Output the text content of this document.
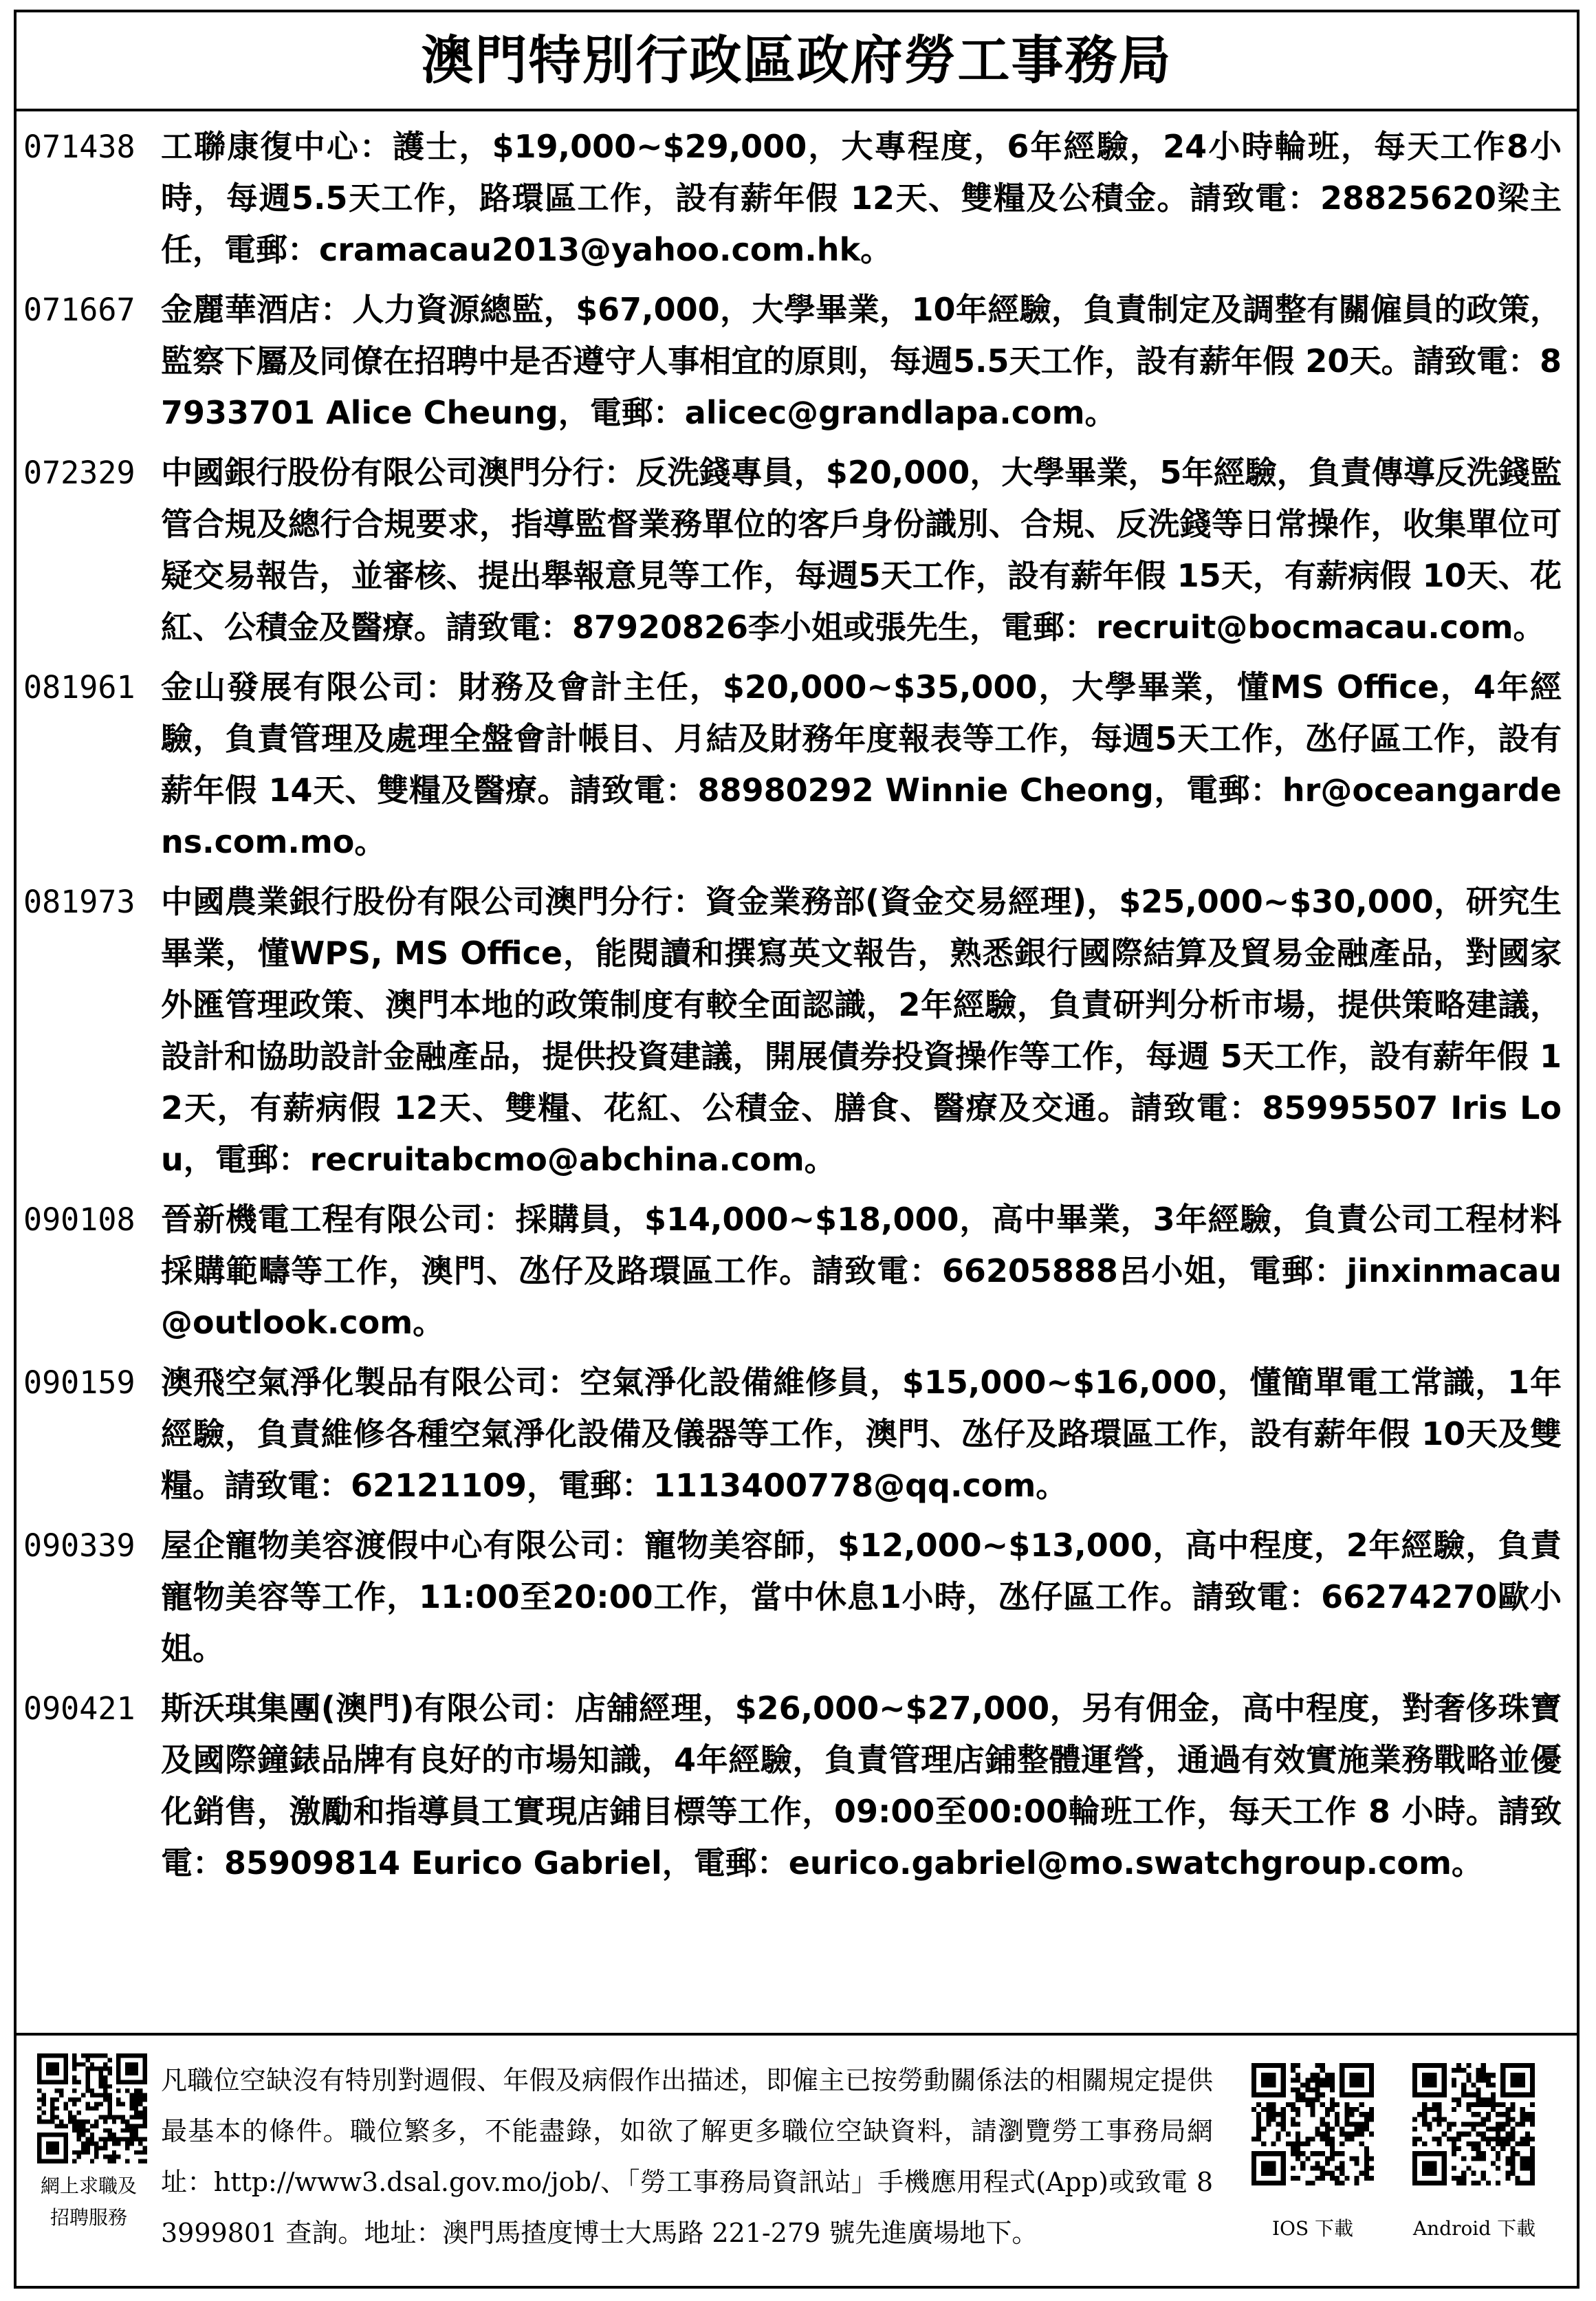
澳門特別行政區政府勞工事務局
071438 工聯康復中心：護士，$19,000~$29,000，大專程度，6年經驗，24小時輪班，每天工作8小時，每週5.5天工作，路環區工作，設有薪年假 12天、雙糧及公積金。請致電：28825620梁主任，電郵：cramacau2013@yahoo.com.hk。
071667 金麗華酒店：人力資源總監，$67,000，大學畢業，10年經驗，負責制定及調整有關僱員的政策，監察下屬及同僚在招聘中是否遵守人事相宜的原則，每週5.5天工作，設有薪年假 20天。請致電：87933701 Alice Cheung，電郵：alicec@grandlapa.com。
072329 中國銀行股份有限公司澳門分行：反洗錢專員，$20,000，大學畢業，5年經驗，負責傳導反洗錢監管合規及總行合規要求，指導監督業務單位的客戶身份識別、合規、反洗錢等日常操作，收集單位可疑交易報告，並審核、提出舉報意見等工作，每週5天工作，設有薪年假 15天，有薪病假 10天、花紅、公積金及醫療。請致電：87920826李小姐或張先生，電郵：recruit@bocmacau.com。
081961 金山發展有限公司：財務及會計主任，$20,000~$35,000，大學畢業，懂MS Office，4年經驗，負責管理及處理全盤會計帳目、月結及財務年度報表等工作，每週5天工作，氹仔區工作，設有薪年假 14天、雙糧及醫療。請致電：88980292 Winnie Cheong，電郵：hr@oceangardens.com.mo。
081973 中國農業銀行股份有限公司澳門分行：資金業務部(資金交易經理)，$25,000~$30,000，研究生畢業，懂WPS, MS Office，能閱讀和撰寫英文報告，熟悉銀行國際結算及貿易金融產品，對國家外匯管理政策、澳門本地的政策制度有較全面認識，2年經驗，負責研判分析市場，提供策略建議，設計和協助設計金融產品，提供投資建議，開展債券投資操作等工作，每週 5天工作，設有薪年假 12天，有薪病假 12天、雙糧、花紅、公積金、膳食、醫療及交通。請致電：85995507 Iris Lou，電郵：recruitabcmo@abchina.com。
090108 晉新機電工程有限公司：採購員，$14,000~$18,000，高中畢業，3年經驗，負責公司工程材料採購範疇等工作，澳門、氹仔及路環區工作。請致電：66205888呂小姐，電郵：jinxinmacau@outlook.com。
090159 澳飛空氣淨化製品有限公司：空氣淨化設備維修員，$15,000~$16,000，懂簡單電工常識，1年經驗，負責維修各種空氣淨化設備及儀器等工作，澳門、氹仔及路環區工作，設有薪年假 10天及雙糧。請致電：62121109，電郵：1113400778@qq.com。
090339 屋企寵物美容渡假中心有限公司：寵物美容師，$12,000~$13,000，高中程度，2年經驗，負責寵物美容等工作，11:00至20:00工作，當中休息1小時，氹仔區工作。請致電：66274270歐小姐。
090421 斯沃琪集團(澳門)有限公司：店舖經理，$26,000~$27,000，另有佣金，高中程度，對奢侈珠寶及國際鐘錶品牌有良好的市場知識，4年經驗，負責管理店鋪整體運營，通過有效實施業務戰略並優化銷售，激勵和指導員工實現店鋪目標等工作，09:00至00:00輪班工作，每天工作 8 小時。請致電：85909814 Eurico Gabriel，電郵：eurico.gabriel@mo.swatchgroup.com。
網上求職及
招聘服務
凡職位空缺沒有特別對週假、年假及病假作出描述，即僱主已按勞動關係法的相關規定提供最基本的條件。職位繁多，不能盡錄，如欲了解更多職位空缺資料，請瀏覽勞工事務局網址：http://www3.dsal.gov.mo/job/、「勞工事務局資訊站」手機應用程式(App)或致電 83999801 查詢。地址：澳門馬揸度博士大馬路 221-279 號先進廣場地下。	IOS 下載	Android 下載
